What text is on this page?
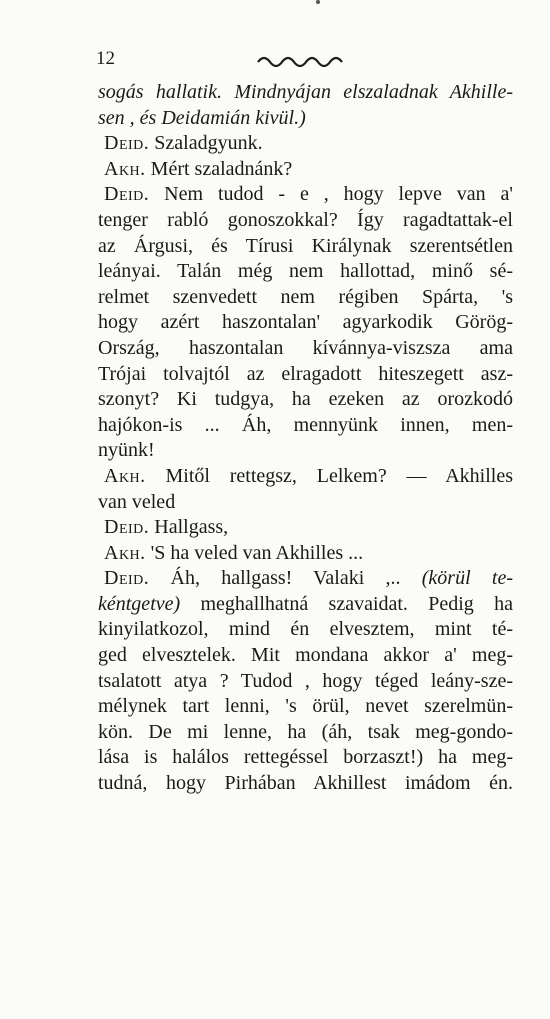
12
sogás hallatik. Mindnyájan elszaladnak Akhille-
sen , és Deidamián kivül.)
Deid. Szaladgyunk.
Akh. Mért szaladnánk?
Deid. Nem tudod - e , hogy lepve van a'
tenger rabló gonoszokkal? Így ragadtattak-el
az Árgusi, és Tírusi Királynak szerentsétlen
leányai. Talán még nem hallottad, minő sé-
relmet szenvedett nem régiben Spárta, 's
hogy azért haszontalan' agyarkodik Görög-
Ország, haszontalan kívánnya-viszsza ama
Trójai tolvajtól az elragadott hiteszegett asz-
szonyt? Ki tudgya, ha ezeken az orozkodó
hajókon-is ... Áh, mennyünk innen, men-
nyünk!
Akh. Mitől rettegsz, Lelkem? — Akhilles
van veled
Deid. Hallgass,
Akh. 'S ha veled van Akhilles ...
Deid. Áh, hallgass! Valaki ,.. (körül te-
kéntgetve) meghallhatná szavaidat. Pedig ha
kinyilatkozol, mind én elvesztem, mint té-
ged elvesztelek. Mit mondana akkor a' meg-
tsalatott atya ? Tudod , hogy téged leány-sze-
mélynek tart lenni, 's örül, nevet szerelmün-
kön. De mi lenne, ha (áh, tsak meg-gondo-
lása is halálos rettegéssel borzaszt!) ha meg-
tudná, hogy Pirhában Akhillest imádom én.
